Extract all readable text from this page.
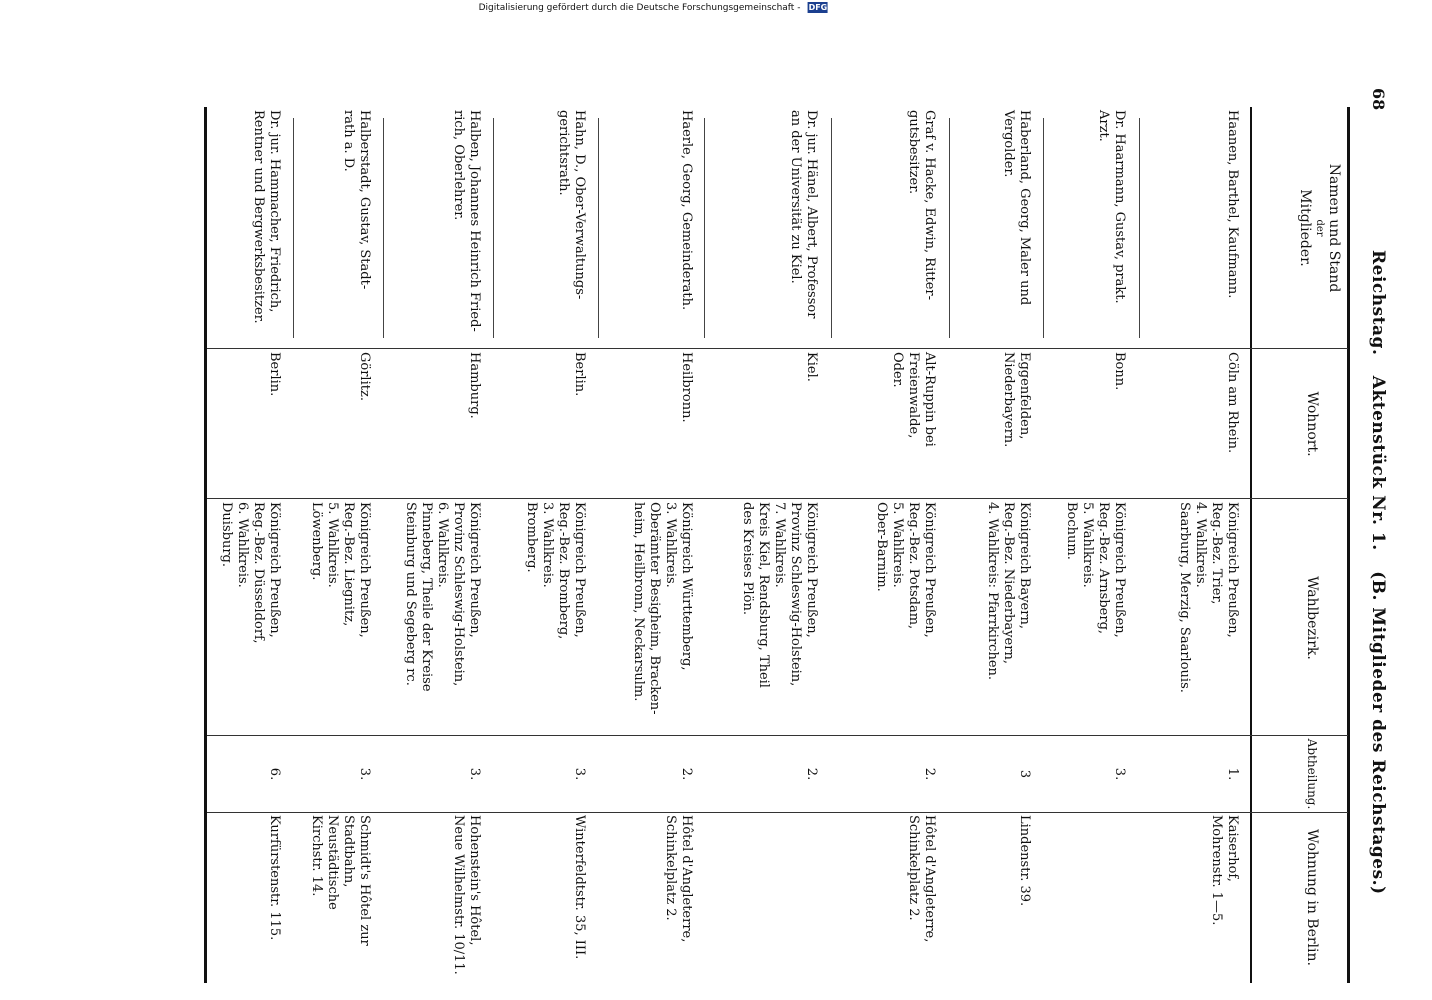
68
Reichstag. Aktenstück Nr. 1. (B. Mitglieder des Reichstages.)
Namen und Stand
der
Mitglieder.
Wohnort.
Wahlbezirk.
Abtheilung.
Wohnung in Berlin.
Haanen, Barthel, Kaufmann.
Cöln am Rhein.
Königreich Preußen,
Reg.-Bez. Trier,
4. Wahlkreis.
Saarburg, Merzig, Saarlouis.
1.
Kaiserhof,
Mohrenstr. 1—5.
Dr. Haarmann, Gustav, prakt.
Arzt.
Bonn.
Königreich Preußen,
Reg.-Bez. Arnsberg,
5. Wahlkreis.
Bochum.
3.
Haberland, Georg, Maler und
Vergolder.
Eggenfelden,
Niederbayern.
Königreich Bayern,
Reg.-Bez. Niederbayern,
4. Wahlkreis: Pfarrkirchen.
3
Lindenstr. 39.
Graf v. Hacke, Edwin, Ritter-
gutsbesitzer.
Alt-Ruppin bei
Freienwalde,
Oder.
Königreich Preußen,
Reg.-Bez. Potsdam,
5. Wahlkreis.
Ober-Barnim.
2.
Hôtel d'Angleterre,
Schinkelplatz 2.
Dr. jur. Hänel, Albert, Professor
an der Universität zu Kiel.
Kiel.
Königreich Preußen,
Provinz Schleswig-Holstein,
7. Wahlkreis.
Kreis Kiel, Rendsburg, Theil
des Kreises Plön.
2.
Haerle, Georg, Gemeinderath.
Heilbronn.
Königreich Württemberg,
3. Wahlkreis.
Oberämter Besigheim, Bracken-
heim, Heilbronn, Neckarsulm.
2.
Hôtel d'Angleterre,
Schinkelplatz 2.
Hahn, D., Ober-Verwaltungs-
gerichtsrath.
Berlin.
Königreich Preußen,
Reg.-Bez. Bromberg,
3. Wahlkreis.
Bromberg.
3.
Winterfeldtstr. 35, III.
Halben, Johannes Heinrich Fried-
rich, Oberlehrer.
Hamburg.
Königreich Preußen,
Provinz Schleswig-Holstein,
6. Wahlkreis.
Pinneberg, Theile der Kreise
Steinburg und Segeberg rc.
3.
Hohenstein's Hôtel,
Neue Wilhelmstr. 10/11.
Halberstadt, Gustav, Stadt-
rath a. D.
Görlitz.
Königreich Preußen,
Reg.-Bez. Liegnitz,
5. Wahlkreis.
Löwenberg.
3.
Schmidt's Hôtel zur
Stadtbahn, Neustädtische
Kirchstr. 14.
Dr. jur. Hammacher, Friedrich,
Rentner und Bergwerksbesitzer.
Berlin.
Königreich Preußen,
Reg.-Bez. Düsseldorf,
6. Wahlkreis.
Duisburg.
6.
Kurfürstenstr. 115.
Digitalisierung gefördert durch die Deutsche Forschungsgemeinschaft - DFG
